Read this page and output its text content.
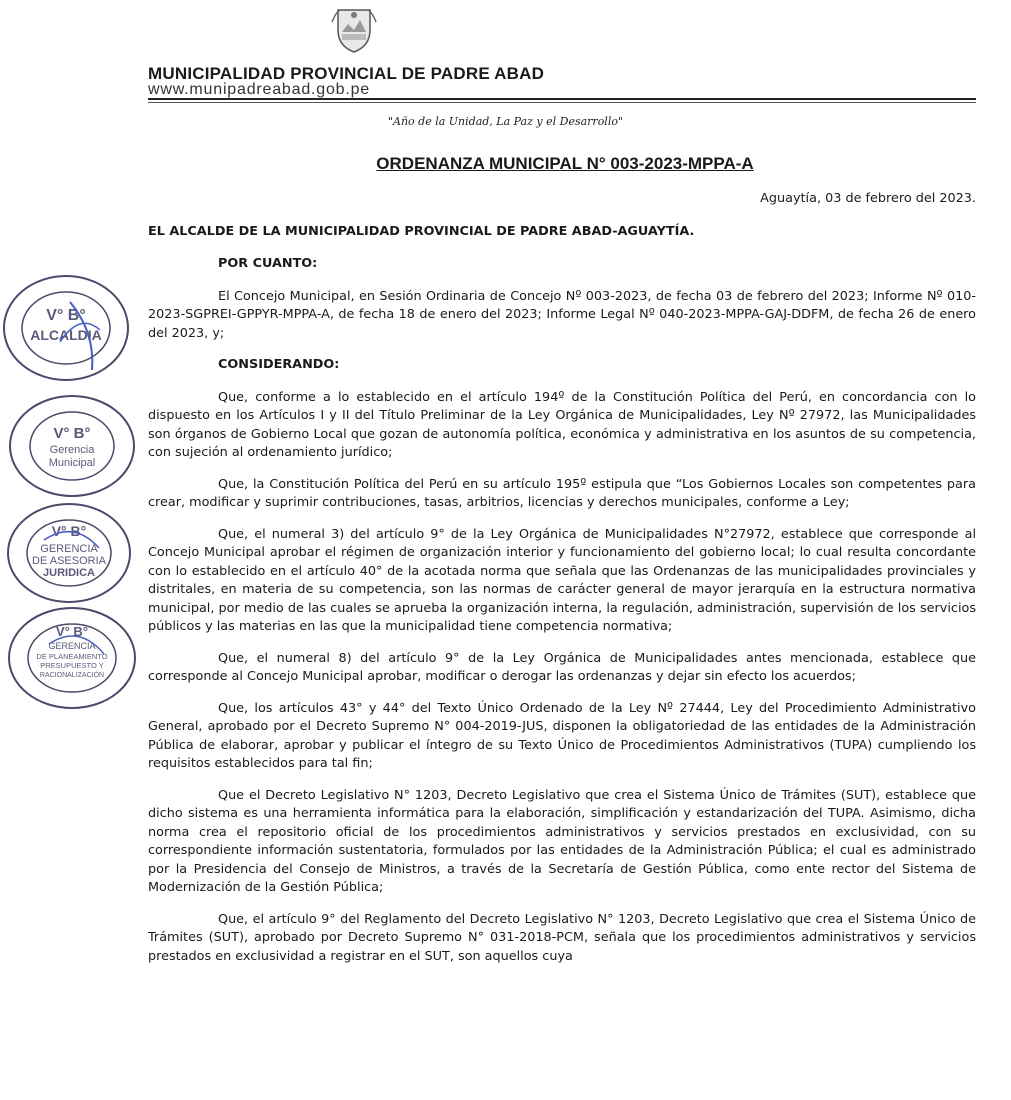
MUNICIPALIDAD PROVINCIAL DE PADRE ABAD
www.munipadreabad.gob.pe
"Año de la Unidad, La Paz y el Desarrollo"
ORDENANZA MUNICIPAL N° 003-2023-MPPA-A

Aguaytía, 03 de febrero del 2023.

EL ALCALDE DE LA MUNICIPALIDAD PROVINCIAL DE PADRE ABAD-AGUAYTÍA.

POR CUANTO:

El Concejo Municipal, en Sesión Ordinaria de Concejo Nº 003-2023, de fecha 03 de febrero del 2023; Informe Nº 010-2023-SGPREI-GPPYR-MPPA-A, de fecha 18 de enero del 2023; Informe Legal Nº 040-2023-MPPA-GAJ-DDFM, de fecha 26 de enero del 2023, y;

CONSIDERANDO:

Que, conforme a lo establecido en el artículo 194º de la Constitución Política del Perú, en concordancia con lo dispuesto en los Artículos I y II del Título Preliminar de la Ley Orgánica de Municipalidades, Ley Nº 27972, las Municipalidades son órganos de Gobierno Local que gozan de autonomía política, económica y administrativa en los asuntos de su competencia, con sujeción al ordenamiento jurídico;

Que, la Constitución Política del Perú en su artículo 195º estipula que “Los Gobiernos Locales son competentes para crear, modificar y suprimir contribuciones, tasas, arbitrios, licencias y derechos municipales, conforme a Ley;

Que, el numeral 3) del artículo 9° de la Ley Orgánica de Municipalidades N°27972, establece que corresponde al Concejo Municipal aprobar el régimen de organización interior y funcionamiento del gobierno local; lo cual resulta concordante con lo establecido en el artículo 40° de la acotada norma que señala que las Ordenanzas de las municipalidades provinciales y distritales, en materia de su competencia, son las normas de carácter general de mayor jerarquía en la estructura normativa municipal, por medio de las cuales se aprueba la organización interna, la regulación, administración, supervisión de los servicios públicos y las materias en las que la municipalidad tiene competencia normativa;

Que, el numeral 8) del artículo 9° de la Ley Orgánica de Municipalidades antes mencionada, establece que corresponde al Concejo Municipal aprobar, modificar o derogar las ordenanzas y dejar sin efecto los acuerdos;

Que, los artículos 43° y 44° del Texto Único Ordenado de la Ley Nº 27444, Ley del Procedimiento Administrativo General, aprobado por el Decreto Supremo N° 004-2019-JUS, disponen la obligatoriedad de las entidades de la Administración Pública de elaborar, aprobar y publicar el íntegro de su Texto Único de Procedimientos Administrativos (TUPA) cumpliendo los requisitos establecidos para tal fin;

Que el Decreto Legislativo N° 1203, Decreto Legislativo que crea el Sistema Único de Trámites (SUT), establece que dicho sistema es una herramienta informática para la elaboración, simplificación y estandarización del TUPA. Asimismo, dicha norma crea el repositorio oficial de los procedimientos administrativos y servicios prestados en exclusividad, con su correspondiente información sustentatoria, formulados por las entidades de la Administración Pública; el cual es administrado por la Presidencia del Consejo de Ministros, a través de la Secretaría de Gestión Pública, como ente rector del Sistema de Modernización de la Gestión Pública;

Que, el artículo 9° del Reglamento del Decreto Legislativo N° 1203, Decreto Legislativo que crea el Sistema Único de Trámites (SUT), aprobado por Decreto Supremo N° 031-2018-PCM, señala que los procedimientos administrativos y servicios prestados en exclusividad a registrar en el SUT, son aquellos cuya

V° B°
ALCALDIA
V° B°
Gerencia
Municipal
V° B°
GERENCIA
DE ASESORIA
JURIDICA
V° B°
GERENCIA
DE PLANEAMIENTO
PRESUPUESTO Y
RACIONALIZACIÓN
